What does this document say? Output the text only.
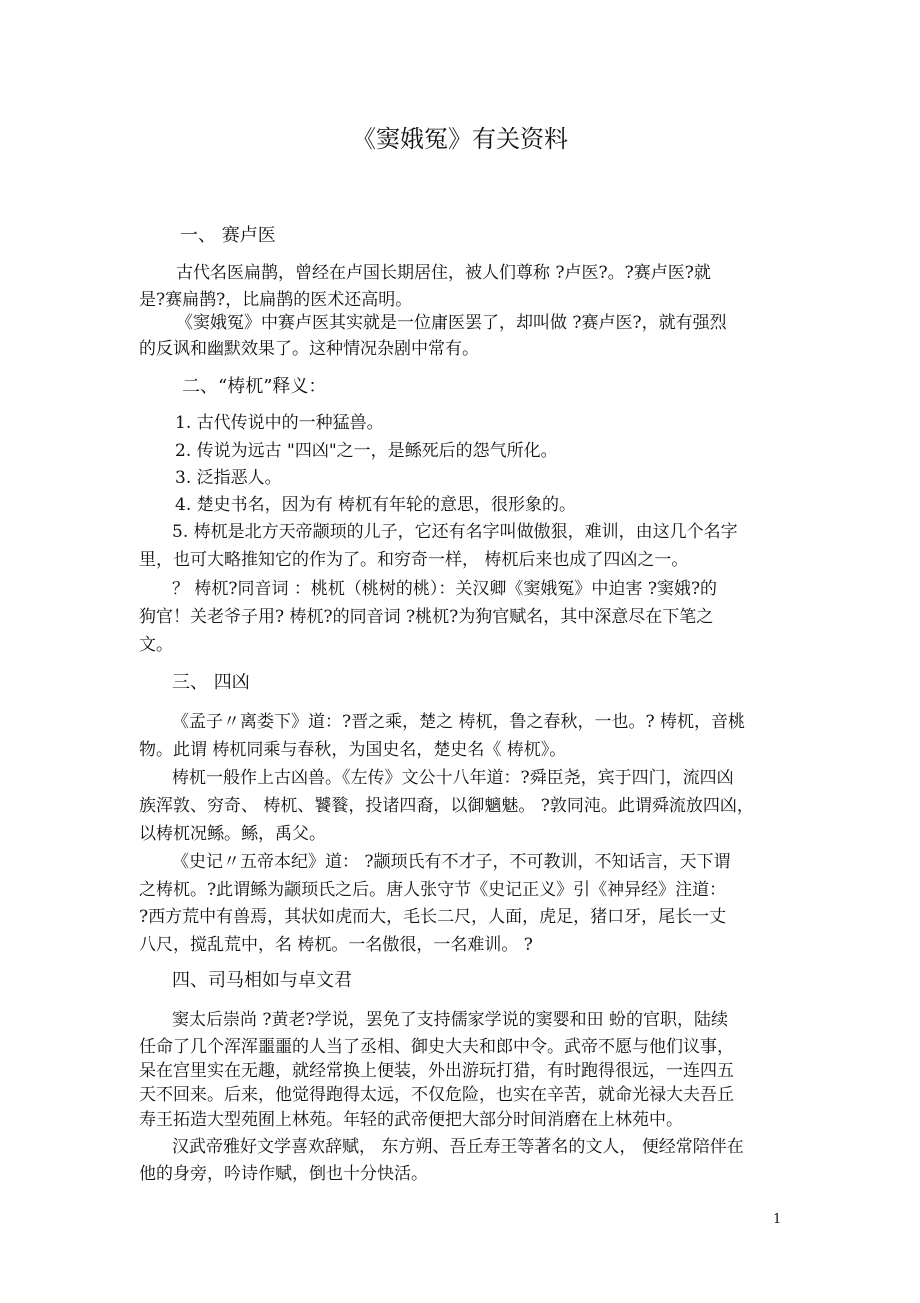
《窦娥冤》有关资料
一、 赛卢医
古代名医扁鹊，曾经在卢国长期居住，被人们尊称 ?卢医?。?赛卢医?就
是?赛扁鹊?，比扁鹊的医术还高明。
《窦娥冤》中赛卢医其实就是一位庸医罢了，却叫做 ?赛卢医?，就有强烈
的反讽和幽默效果了。这种情况杂剧中常有。
二、“梼杌”释义：
1. 古代传说中的一种猛兽。
2. 传说为远古 "四凶"之一，是鲧死后的怨气所化。
3. 泛指恶人。
4. 楚史书名，因为有 梼杌有年轮的意思，很形象的。
5. 梼杌是北方天帝颛顼的儿子，它还有名字叫做傲狠，难训，由这几个名字
里，也可大略推知它的作为了。和穷奇一样， 梼杌后来也成了四凶之一。
？ 梼杌?同音词 ：桃杌（桃树的桃）：关汉卿《窦娥冤》中迫害 ?窦娥?的
狗官！关老爷子用? 梼杌?的同音词 ?桃杌?为狗官赋名，其中深意尽在下笔之
文。
三、 四凶
《孟子〃离娄下》道：?晋之乘，楚之 梼杌，鲁之春秋，一也。? 梼杌，音桃
物。此谓 梼杌同乘与春秋，为国史名，楚史名《 梼杌》。
梼杌一般作上古凶兽。《左传》文公十八年道：?舜臣尧，宾于四门，流四凶
族浑敦、穷奇、 梼杌、饕餮，投诸四裔，以御魑魅。 ?敦同沌。此谓舜流放四凶，
以梼杌况鲧。鲧，禹父。
《史记〃五帝本纪》道： ?颛顼氏有不才子，不可教训，不知话言，天下谓
之梼杌。?此谓鲧为颛顼氏之后。唐人张守节《史记正义》引《神异经》注道：
?西方荒中有兽焉，其状如虎而大，毛长二尺，人面，虎足，猪口牙，尾长一丈
八尺，搅乱荒中，名 梼杌。一名傲很，一名难训。 ?
四、司马相如与卓文君
窦太后崇尚 ?黄老?学说，罢免了支持儒家学说的窦婴和田 蚡的官职，陆续
任命了几个浑浑噩噩的人当了丞相、御史大夫和郎中令。武帝不愿与他们议事，
呆在宫里实在无趣，就经常换上便装，外出游玩打猎，有时跑得很远，一连四五
天不回来。后来，他觉得跑得太远，不仅危险，也实在辛苦，就命光禄大夫吾丘
寿王拓造大型苑囿上林苑。年轻的武帝便把大部分时间消磨在上林苑中。
汉武帝雅好文学喜欢辞赋， 东方朔、吾丘寿王等著名的文人， 便经常陪伴在
他的身旁，吟诗作赋，倒也十分快活。
1
